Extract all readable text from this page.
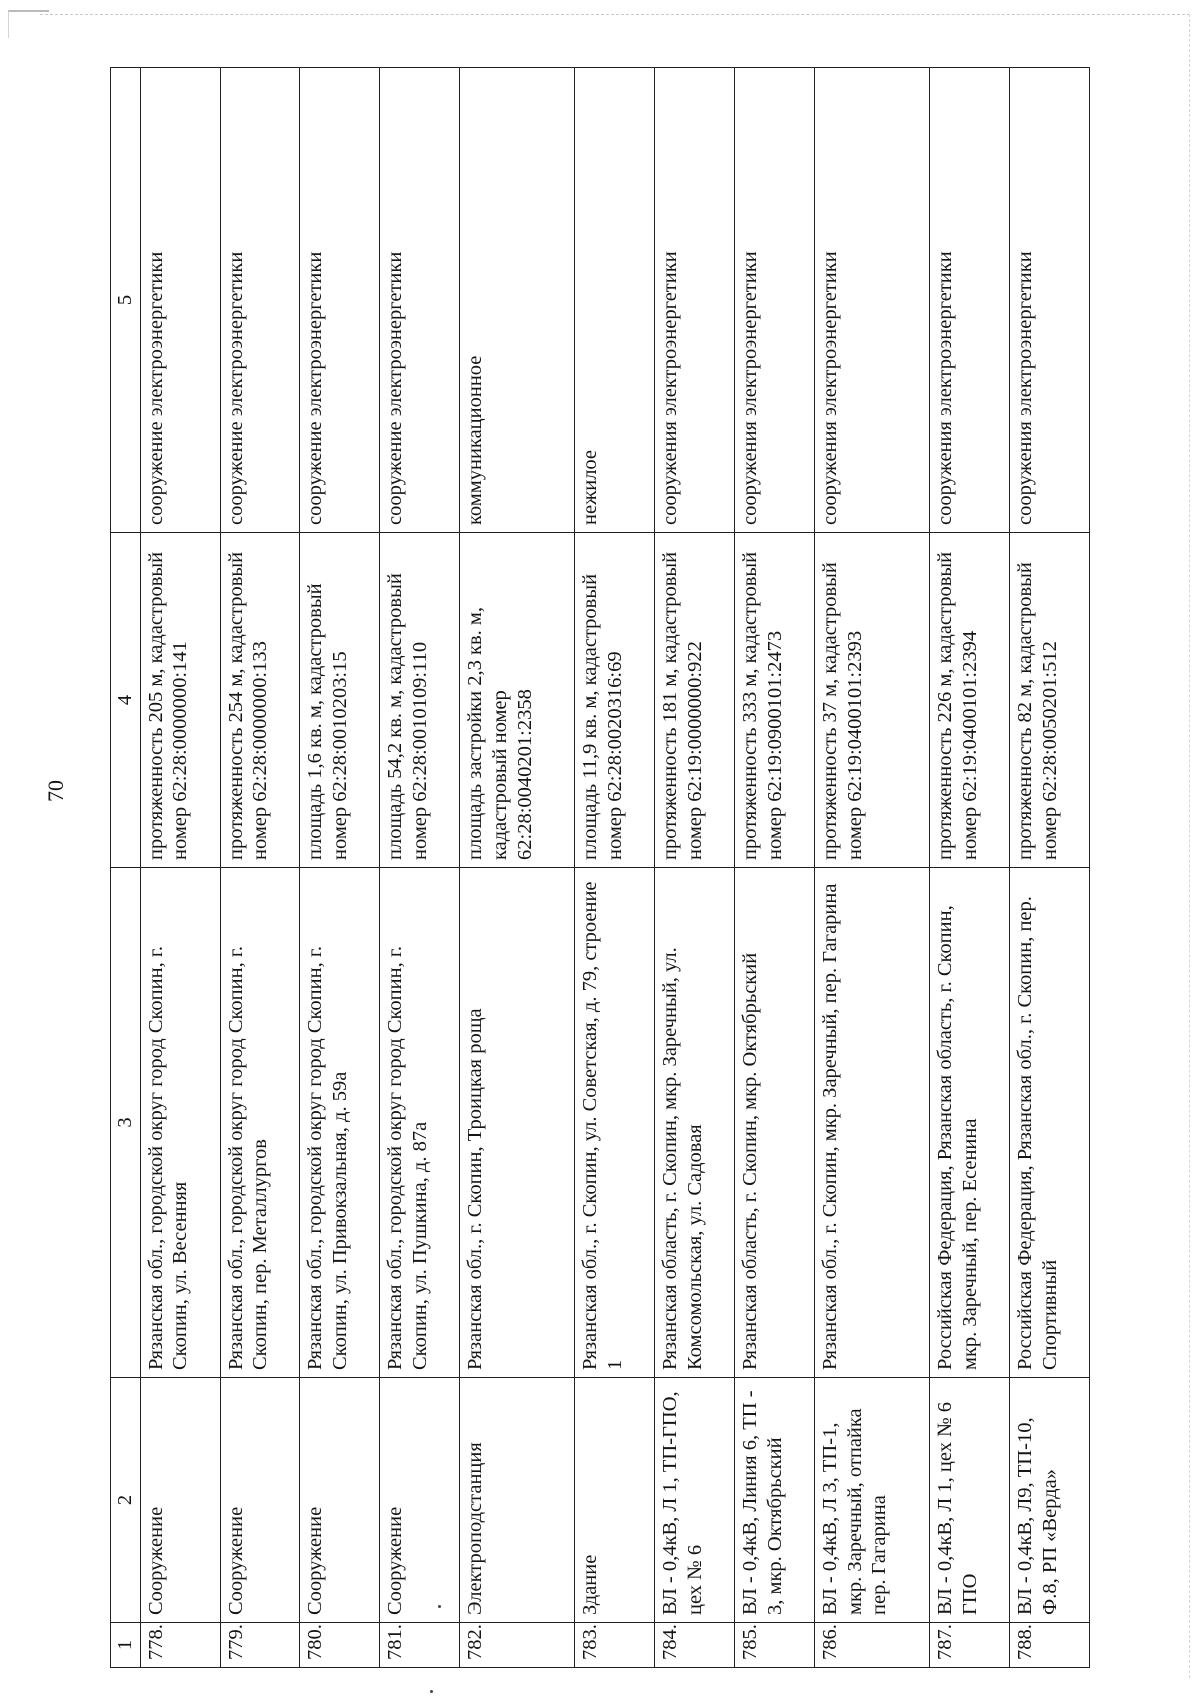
70
1	2	3	4	5
778.	Сооружение	Рязанская обл., городской округ город Скопин, г. Скопин, ул. Весенняя	протяженность 205 м, кадастровый номер 62:28:0000000:141	сооружение электроэнергетики
779.	Сооружение	Рязанская обл., городской округ город Скопин, г. Скопин, пер. Металлургов	протяженность 254 м, кадастровый номер 62:28:0000000:133	сооружение электроэнергетики
780.	Сооружение	Рязанская обл., городской округ город Скопин, г. Скопин, ул. Привокзальная, д. 59а	площадь 1,6 кв. м, кадастровый номер 62:28:0010203:15	сооружение электроэнергетики
781.	Сооружение	Рязанская обл., городской округ город Скопин, г. Скопин, ул. Пушкина, д. 87а	площадь 54,2 кв. м, кадастровый номер 62:28:0010109:110	сооружение электроэнергетики
782.	Электроподстанция	Рязанская обл., г. Скопин, Троицкая роща	площадь застройки 2,3 кв. м, кадастровый номер 62:28:0040201:2358	коммуникационное
783.	Здание	Рязанская обл., г. Скопин, ул. Советская, д. 79, строение 1	площадь 11,9 кв. м, кадастровый номер 62:28:0020316:69	нежилое
784.	ВЛ - 0,4кВ, Л 1, ТП-ГПО, цех № 6	Рязанская область, г. Скопин, мкр. Заречный, ул. Комсомольская, ул. Садовая	протяженность 181 м, кадастровый номер 62:19:0000000:922	сооружения электроэнергетики
785.	ВЛ - 0,4кВ, Линия 6, ТП - 3, мкр. Октябрьский	Рязанская область, г. Скопин, мкр. Октябрьский	протяженность 333 м, кадастровый номер 62:19:0900101:2473	сооружения электроэнергетики
786.	ВЛ - 0,4кВ, Л 3, ТП-1, мкр. Заречный, отпайка пер. Гагарина	Рязанская обл., г. Скопин, мкр. Заречный, пер. Гагарина	протяженность 37 м, кадастровый номер 62:19:0400101:2393	сооружения электроэнергетики
787.	ВЛ - 0,4кВ, Л 1, цех № 6 ГПО	Российская Федерация, Рязанская область, г. Скопин, мкр. Заречный, пер. Есенина	протяженность 226 м, кадастровый номер 62:19:0400101:2394	сооружения электроэнергетики
788.	ВЛ - 0,4кВ, Л9, ТП-10, Ф.8, РП «Верда»	Российская Федерация, Рязанская обл., г. Скопин, пер. Спортивный	протяженность 82 м, кадастровый номер 62:28:0050201:512	сооружения электроэнергетики
